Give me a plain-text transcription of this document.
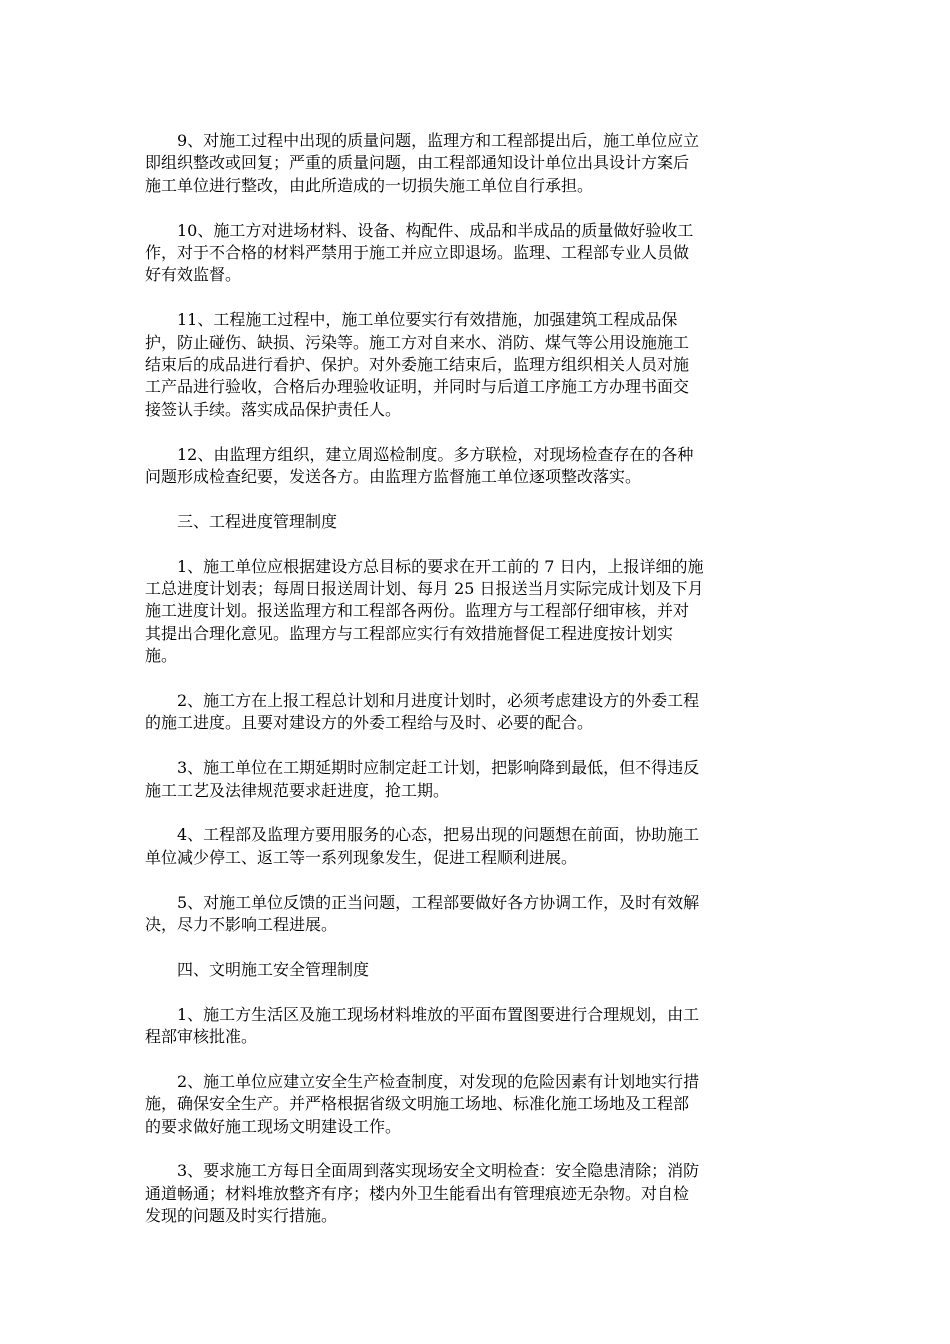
9、对施工过程中出现的质量问题，监理方和工程部提出后，施工单位应立
即组织整改或回复；严重的质量问题，由工程部通知设计单位出具设计方案后
施工单位进行整改，由此所造成的一切损失施工单位自行承担。

10、施工方对进场材料、设备、构配件、成品和半成品的质量做好验收工
作，对于不合格的材料严禁用于施工并应立即退场。监理、工程部专业人员做
好有效监督。

11、工程施工过程中，施工单位要实行有效措施，加强建筑工程成品保
护，防止碰伤、缺损、污染等。施工方对自来水、消防、煤气等公用设施施工
结束后的成品进行看护、保护。对外委施工结束后，监理方组织相关人员对施
工产品进行验收，合格后办理验收证明，并同时与后道工序施工方办理书面交
接签认手续。落实成品保护责任人。

12、由监理方组织，建立周巡检制度。多方联检，对现场检查存在的各种
问题形成检查纪要，发送各方。由监理方监督施工单位逐项整改落实。

三、工程进度管理制度

1、施工单位应根据建设方总目标的要求在开工前的 7 日内，上报详细的施
工总进度计划表；每周日报送周计划、每月 25 日报送当月实际完成计划及下月
施工进度计划。报送监理方和工程部各两份。监理方与工程部仔细审核，并对
其提出合理化意见。监理方与工程部应实行有效措施督促工程进度按计划实
施。

2、施工方在上报工程总计划和月进度计划时，必须考虑建设方的外委工程
的施工进度。且要对建设方的外委工程给与及时、必要的配合。

3、施工单位在工期延期时应制定赶工计划，把影响降到最低，但不得违反
施工工艺及法律规范要求赶进度，抢工期。

4、工程部及监理方要用服务的心态，把易出现的问题想在前面，协助施工
单位减少停工、返工等一系列现象发生，促进工程顺利进展。

5、对施工单位反馈的正当问题，工程部要做好各方协调工作，及时有效解
决，尽力不影响工程进展。

四、文明施工安全管理制度

1、施工方生活区及施工现场材料堆放的平面布置图要进行合理规划，由工
程部审核批准。

2、施工单位应建立安全生产检查制度，对发现的危险因素有计划地实行措
施，确保安全生产。并严格根据省级文明施工场地、标准化施工场地及工程部
的要求做好施工现场文明建设工作。

3、要求施工方每日全面周到落实现场安全文明检查：安全隐患清除；消防
通道畅通；材料堆放整齐有序；楼内外卫生能看出有管理痕迹无杂物。对自检
发现的问题及时实行措施。
